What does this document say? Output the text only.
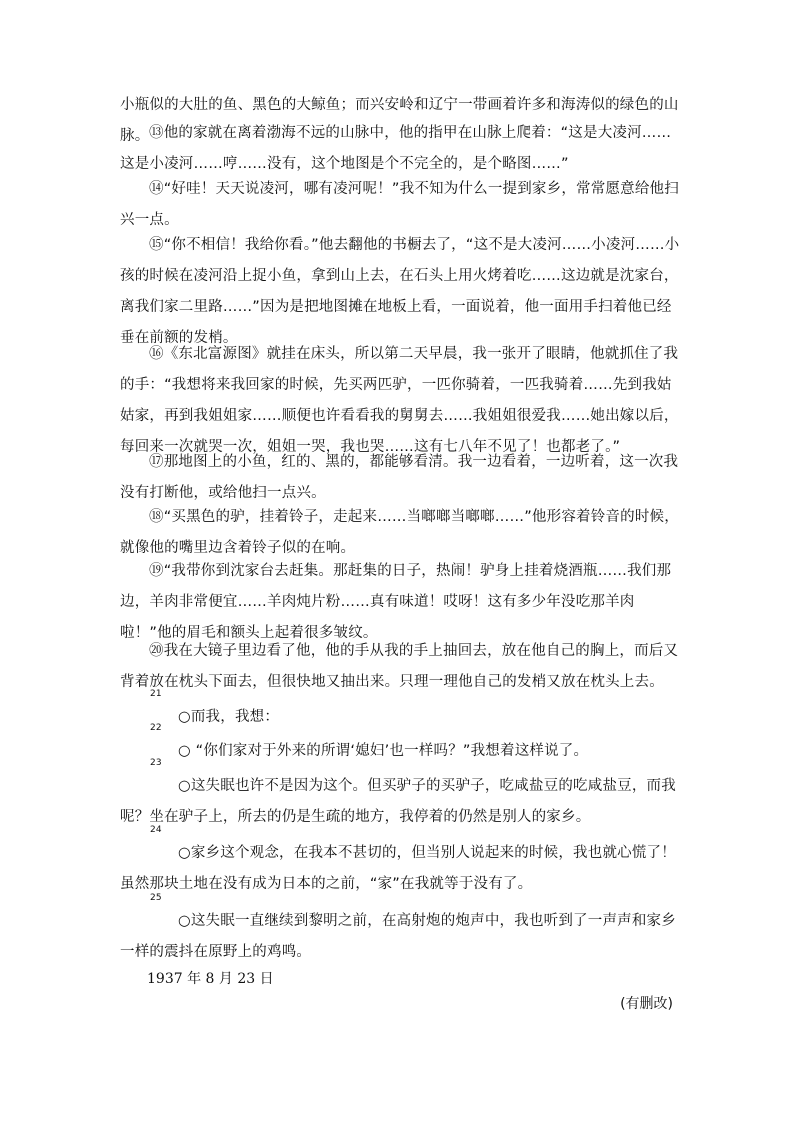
小瓶似的大肚的鱼、黑色的大鲸鱼；而兴安岭和辽宁一带画着许多和海涛似的绿色的山脉。 ⑬他的家就在离着渤海不远的山脉中，他的指甲在山脉上爬着：“这是大凌河……这是小凌河……哼……没有，这个地图是个不完全的，是个略图……”

⑭“好哇！天天说凌河，哪有凌河呢！”我不知为什么一提到家乡，常常愿意给他扫兴一点。

⑮“你不相信！我给你看。”他去翻他的书橱去了，“这不是大凌河……小凌河……小孩的时候在凌河沿上捉小鱼，拿到山上去，在石头上用火烤着吃……这边就是沈家台，离我们家二里路……”因为是把地图摊在地板上看，一面说着，他一面用手扫着他已经垂在前额的发梢。

⑯《东北富源图》就挂在床头，所以第二天早晨，我一张开了眼睛，他就抓住了我的手：“我想将来我回家的时候，先买两匹驴，一匹你骑着，一匹我骑着……先到我姑姑家，再到我姐姐家……顺便也许看看我的舅舅去……我姐姐很爱我……她出嫁以后，每回来一次就哭一次，姐姐一哭，我也哭……这有七八年不见了！也都老了。”

⑰那地图上的小鱼，红的、黑的，都能够看清。我一边看着，一边听着，这一次我没有打断他，或给他扫一点兴。

⑱“买黑色的驴，挂着铃子，走起来……当啷啷当啷啷……”他形容着铃音的时候，就像他的嘴里边含着铃子似的在响。

⑲“我带你到沈家台去赶集。那赶集的日子，热闹！驴身上挂着烧酒瓶……我们那边，羊肉非常便宜……羊肉炖片粉……真有味道！哎呀！这有多少年没吃那羊肉啦！”他的眉毛和额头上起着很多皱纹。

⑳我在大镜子里边看了他，他的手从我的手上抽回去，放在他自己的胸上，而后又背着放在枕头下面去，但很快地又抽出来。只理一理他自己的发梢又放在枕头上去。

21
○而我，我想：

22
○ “你们家对于外来的所谓‘媳妇’也一样吗？”我想着这样说了。

23
○这失眠也许不是因为这个。但买驴子的买驴子，吃咸盐豆的吃咸盐豆，而我呢？坐在驴子上，所去的仍是生疏的地方，我停着的仍然是别人的家乡。

24
○家乡这个观念，在我本不甚切的，但当别人说起来的时候，我也就心慌了！虽然那块土地在没有成为日本的之前，“家”在我就等于没有了。

25
○这失眠一直继续到黎明之前，在高射炮的炮声中，我也听到了一声声和家乡一样的震抖在原野上的鸡鸣。

1937 年 8 月 23 日
(有删改)
